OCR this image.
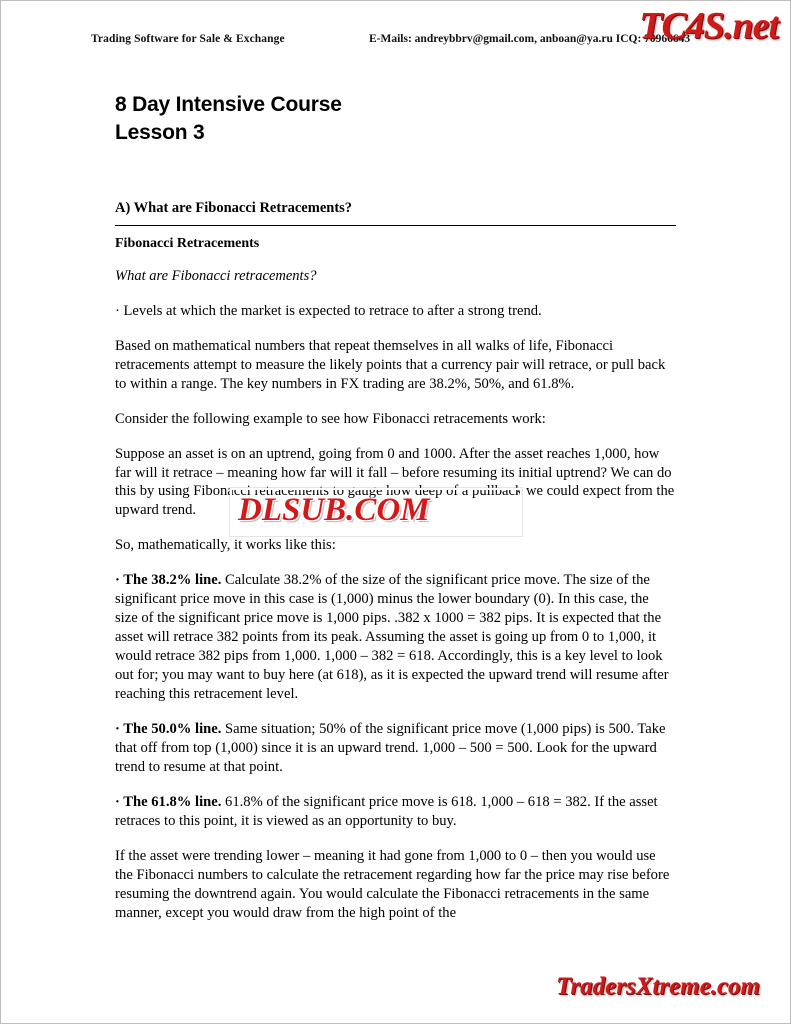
Trading Software for Sale & Exchange	E-Mails: andreybbrv@gmail.com, anboan@ya.ru ICQ: 70966643
TC4S.net
8 Day Intensive Course
Lesson 3
A) What are Fibonacci Retracements?
Fibonacci Retracements
What are Fibonacci retracements?

· Levels at which the market is expected to retrace to after a strong trend.

Based on mathematical numbers that repeat themselves in all walks of life, Fibonacci retracements attempt to measure the likely points that a currency pair will retrace, or pull back to within a range. The key numbers in FX trading are 38.2%, 50%, and 61.8%.

Consider the following example to see how Fibonacci retracements work:

Suppose an asset is on an uptrend, going from 0 and 1000. After the asset reaches 1,000, how far will it retrace – meaning how far will it fall – before resuming its initial uptrend? We can do this by using Fibonacci retracements to gauge how deep of a pullback we could expect from the upward trend.

So, mathematically, it works like this:

· The 38.2% line. Calculate 38.2% of the size of the significant price move. The size of the significant price move in this case is (1,000) minus the lower boundary (0). In this case, the size of the significant price move is 1,000 pips. .382 x 1000 = 382 pips. It is expected that the asset will retrace 382 points from its peak. Assuming the asset is going up from 0 to 1,000, it would retrace 382 pips from 1,000. 1,000 – 382 = 618. Accordingly, this is a key level to look out for; you may want to buy here (at 618), as it is expected the upward trend will resume after reaching this retracement level.

· The 50.0% line. Same situation; 50% of the significant price move (1,000 pips) is 500. Take that off from top (1,000) since it is an upward trend. 1,000 – 500 = 500. Look for the upward trend to resume at that point.

· The 61.8% line. 61.8% of the significant price move is 618. 1,000 – 618 = 382. If the asset retraces to this point, it is viewed as an opportunity to buy.

If the asset were trending lower – meaning it had gone from 1,000 to 0 – then you would use the Fibonacci numbers to calculate the retracement regarding how far the price may rise before resuming the downtrend again. You would calculate the Fibonacci retracements in the same manner, except you would draw from the high point of the

DLSUB.COM
TradersXtreme.com
